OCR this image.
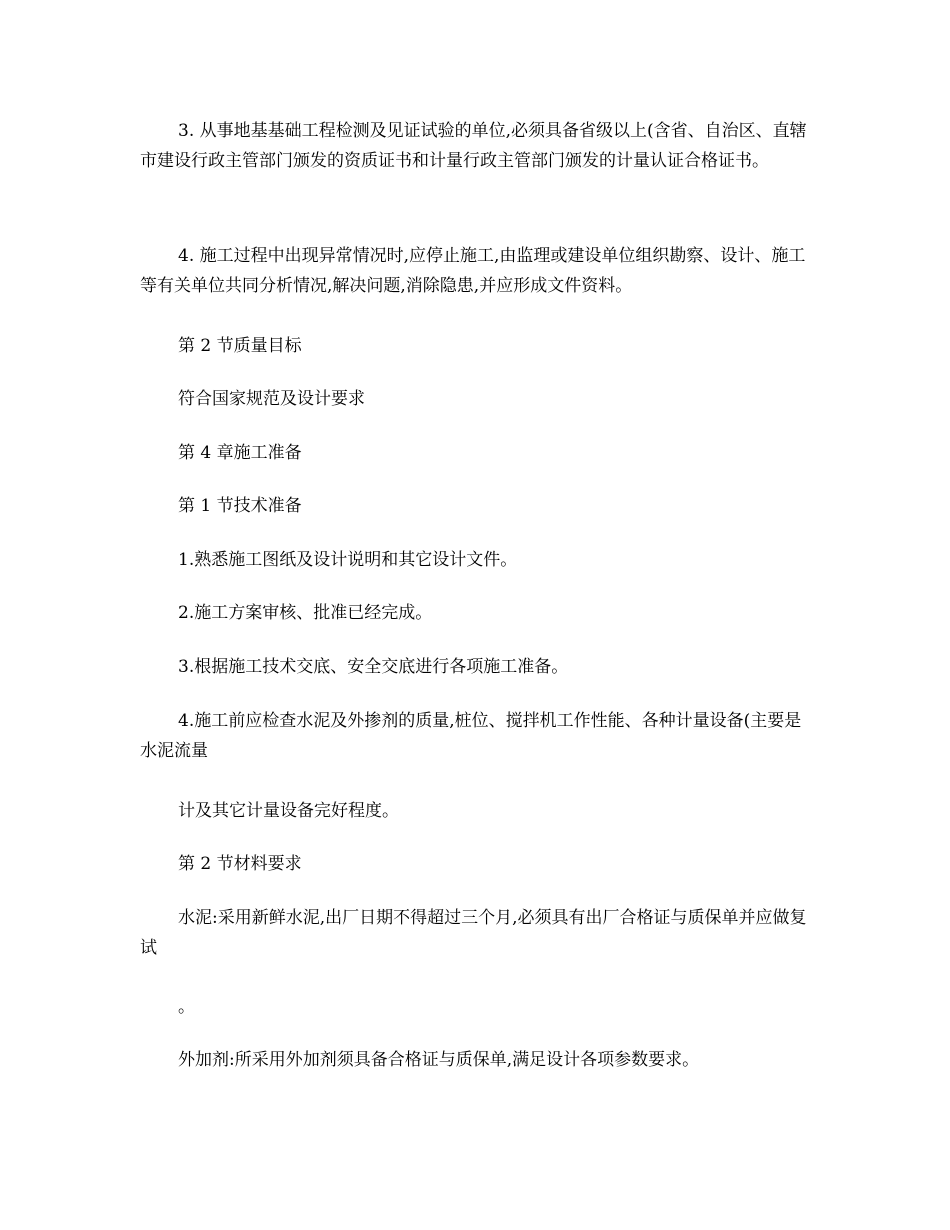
3. 从事地基基础工程检测及见证试验的单位,必须具备省级以上(含省、自治区、直辖市建设行政主管部门颁发的资质证书和计量行政主管部门颁发的计量认证合格证书。

4. 施工过程中出现异常情况时,应停止施工,由监理或建设单位组织勘察、设计、施工等有关单位共同分析情况,解决问题,消除隐患,并应形成文件资料。

第 2 节质量目标

符合国家规范及设计要求

第 4 章施工准备

第 1 节技术准备

1.熟悉施工图纸及设计说明和其它设计文件。

2.施工方案审核、批准已经完成。

3.根据施工技术交底、安全交底进行各项施工准备。

4.施工前应检查水泥及外掺剂的质量,桩位、搅拌机工作性能、各种计量设备(主要是水泥流量

计及其它计量设备完好程度。

第 2 节材料要求

水泥:采用新鲜水泥,出厂日期不得超过三个月,必须具有出厂合格证与质保单并应做复试

。

外加剂:所采用外加剂须具备合格证与质保单,满足设计各项参数要求。
